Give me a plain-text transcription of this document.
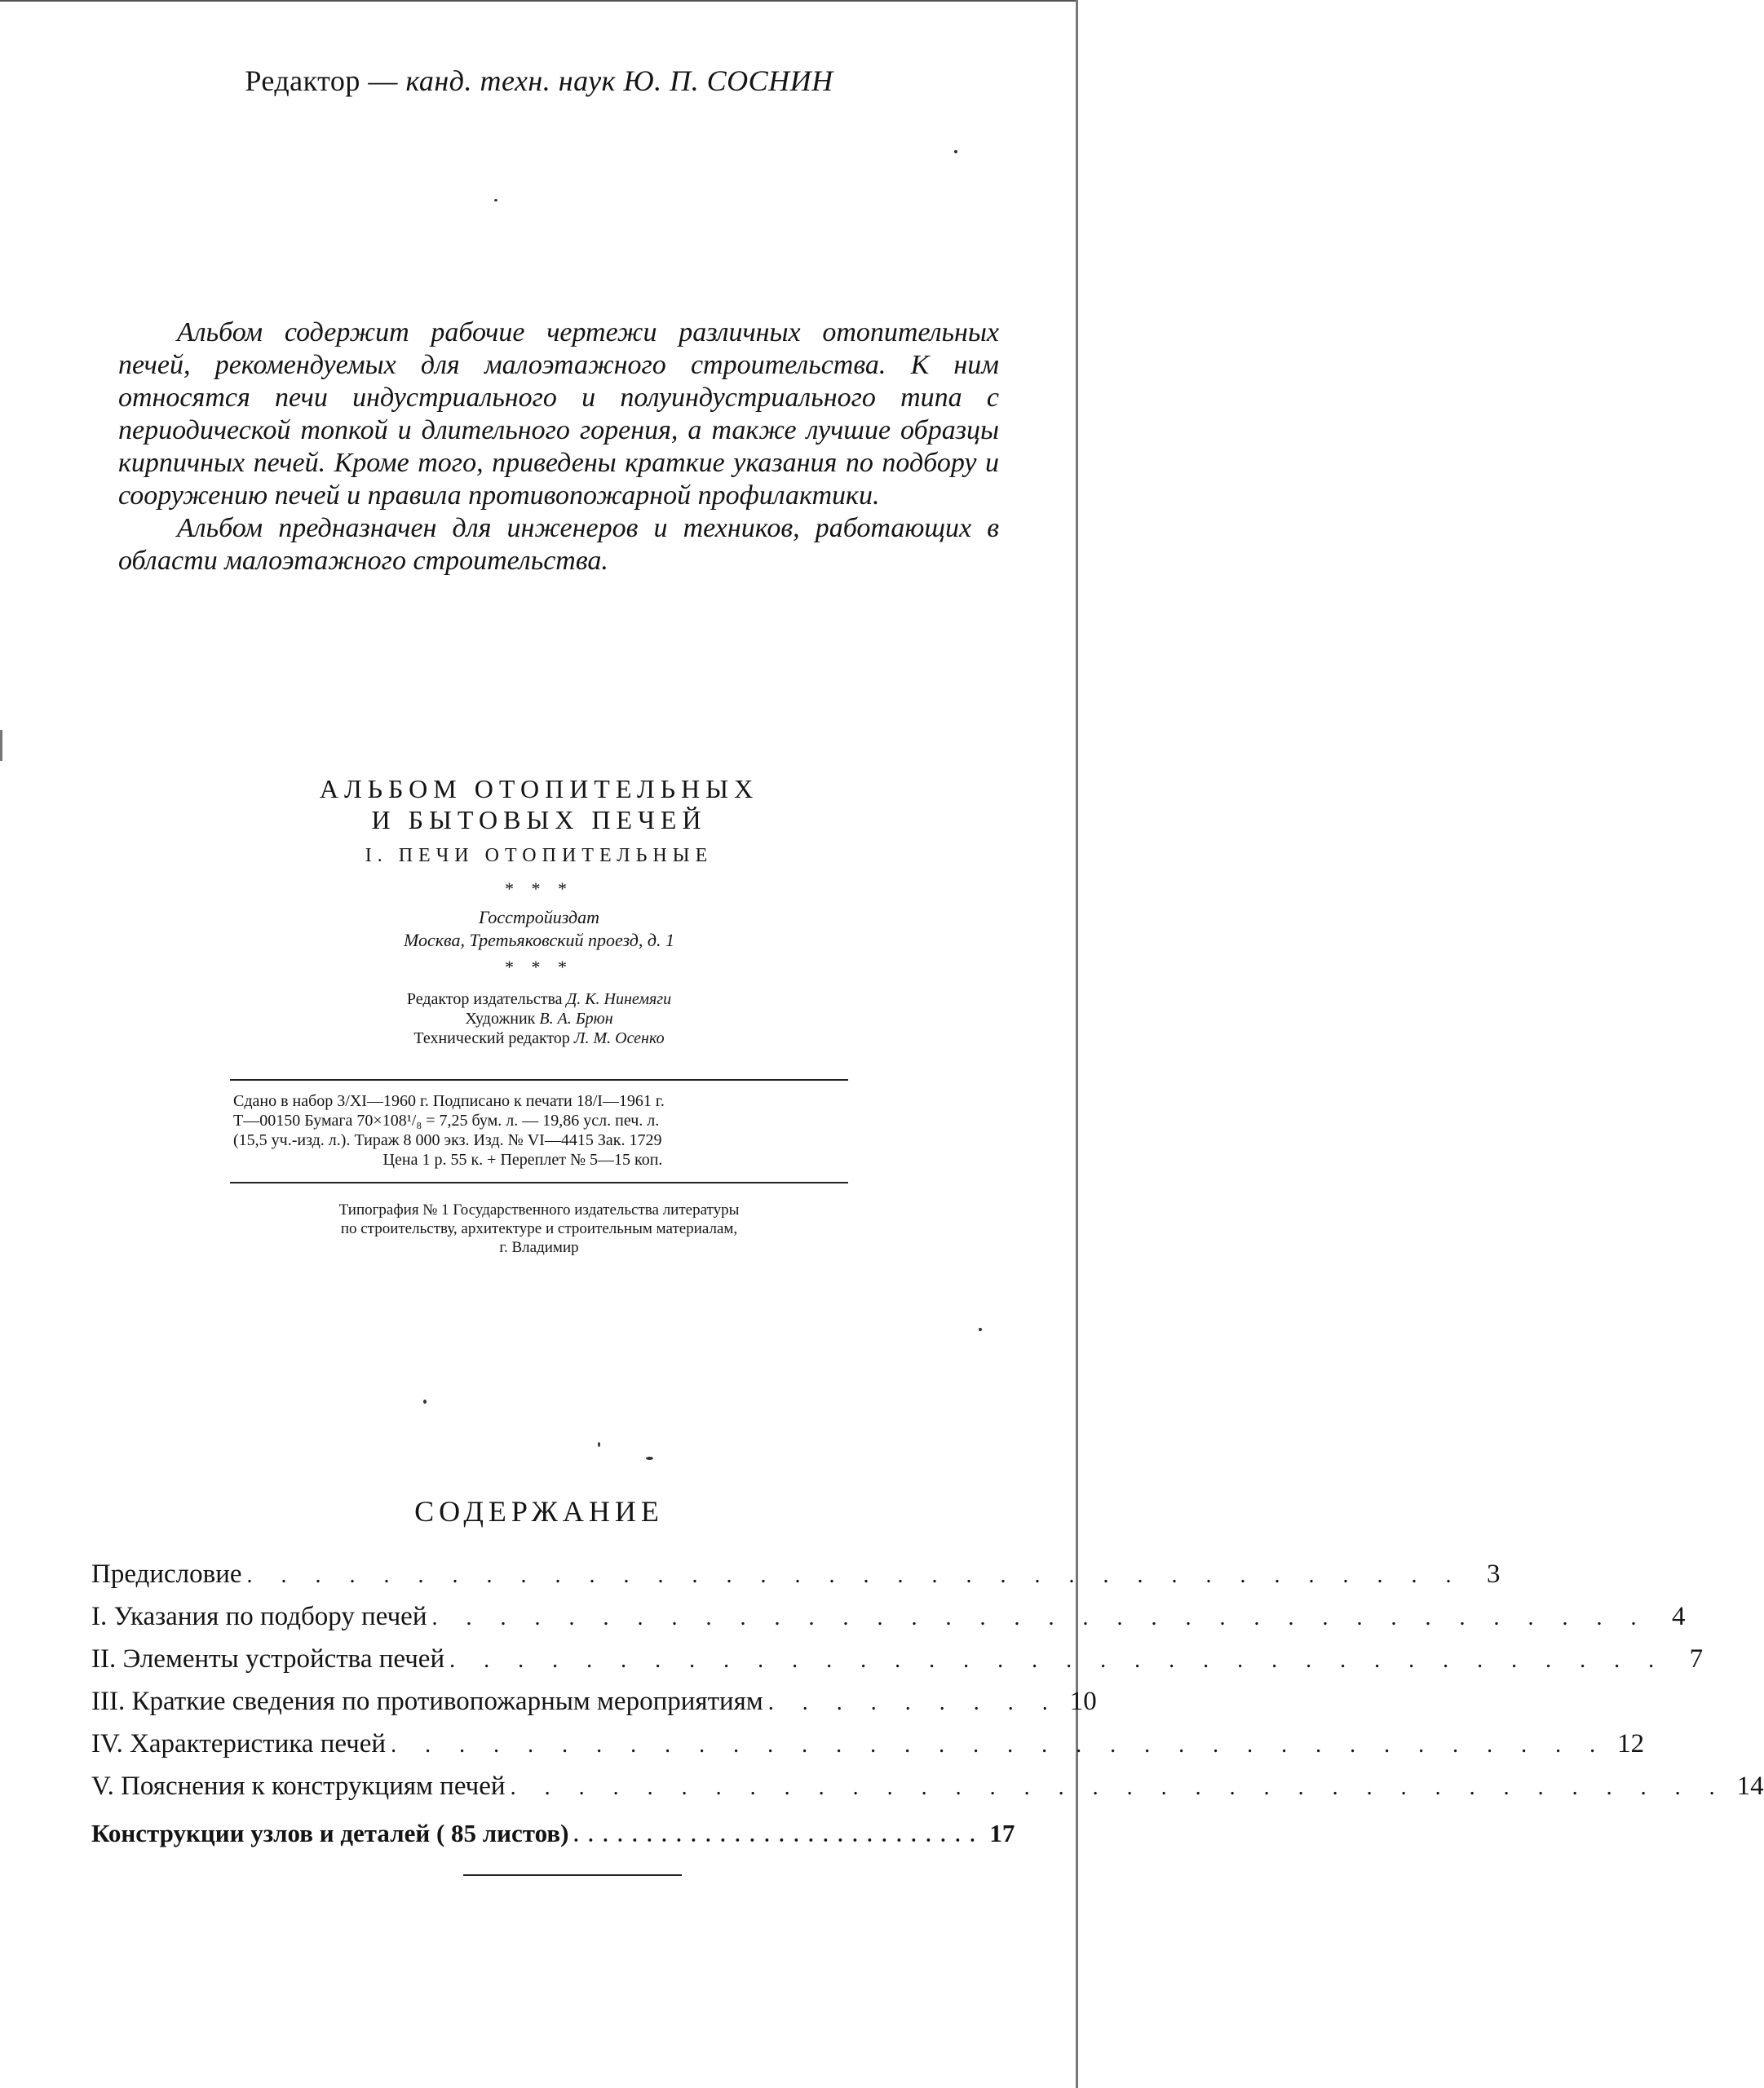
Редактор — канд. техн. наук Ю. П. СОСНИН

Альбом содержит рабочие чертежи различных отопительных печей, рекомендуемых для малоэтажного строительства. К ним относятся печи индустриального и полуиндустриального типа с периодической топкой и длительного горения, а также лучшие образцы кирпичных печей. Кроме того, приведены краткие указания по подбору и сооружению печей и правила противопожарной профилактики.

Альбом предназначен для инженеров и техников, работающих в области малоэтажного строительства.

АЛЬБОМ ОТОПИТЕЛЬНЫХ
И БЫТОВЫХ ПЕЧЕЙ
I. ПЕЧИ ОТОПИТЕЛЬНЫЕ
* * *
Госстройиздат
Москва, Третьяковский проезд, д. 1
* * *
Редактор издательства Д. К. Нинемяги
Художник В. А. Брюн
Технический редактор Л. М. Осенко
Сдано в набор 3/XI—1960 г. Подписано к печати 18/I—1961 г.
Т—00150 Бумага 70×108¹/₈ = 7,25 бум. л. — 19,86 усл. печ. л.
(15,5 уч.-изд. л.). Тираж 8 000 экз. Изд. № VI—4415 Зак. 1729
Цена 1 р. 55 к. + Переплет № 5—15 коп.
Типография № 1 Государственного издательства литературы
по строительству, архитектуре и строительным материалам,
г. Владимир
СОДЕРЖАНИЕ
Предисловие . . . . . . . . . . . . . . . . . . . . . . . . . . . . . . . . . . . . 3
I.
Указания по подбору печей . . . . . . . . . . . . . . . . . . . . . . . . . . . . . . . . . . . . 4
II.
Элементы устройства печей . . . . . . . . . . . . . . . . . . . . . . . . . . . . . . . . . . . . 7
III.
Краткие сведения по противопожарным мероприятиям . . . . . . . . . 10
IV.
Характеристика печей . . . . . . . . . . . . . . . . . . . . . . . . . . . . . . . . . . . . 12
V.
Пояснения к конструкциям печей . . . . . . . . . . . . . . . . . . . . . . . . . . . . . . . . . . . . 14
Конструкции узлов и деталей ( 85 листов) . . . . . . . . . . . . . . . . . . . . . . . . . . . . 17
